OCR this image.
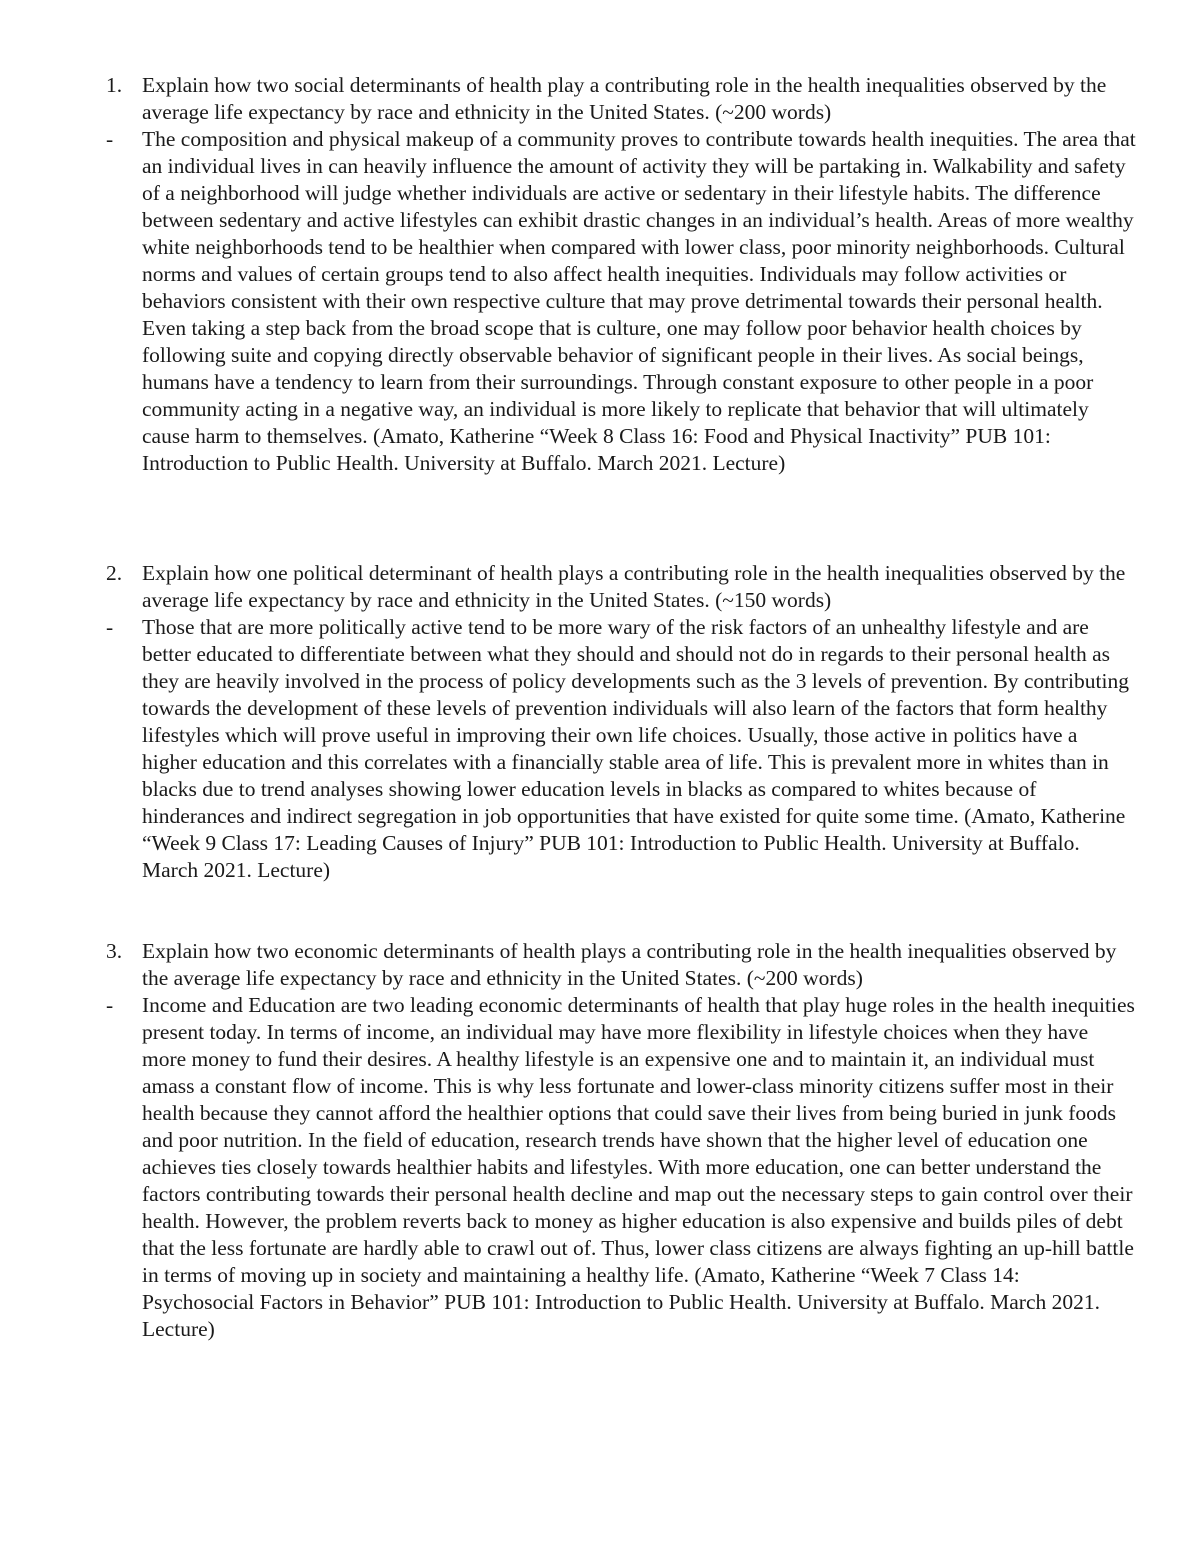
1. Explain how two social determinants of health play a contributing role in the health inequalities observed by the average life expectancy by race and ethnicity in the United States. (~200 words)
- The composition and physical makeup of a community proves to contribute towards health inequities. The area that an individual lives in can heavily influence the amount of activity they will be partaking in. Walkability and safety of a neighborhood will judge whether individuals are active or sedentary in their lifestyle habits. The difference between sedentary and active lifestyles can exhibit drastic changes in an individual’s health. Areas of more wealthy white neighborhoods tend to be healthier when compared with lower class, poor minority neighborhoods. Cultural norms and values of certain groups tend to also affect health inequities. Individuals may follow activities or behaviors consistent with their own respective culture that may prove detrimental towards their personal health. Even taking a step back from the broad scope that is culture, one may follow poor behavior health choices by following suite and copying directly observable behavior of significant people in their lives. As social beings, humans have a tendency to learn from their surroundings. Through constant exposure to other people in a poor community acting in a negative way, an individual is more likely to replicate that behavior that will ultimately cause harm to themselves. (Amato, Katherine “Week 8 Class 16: Food and Physical Inactivity” PUB 101: Introduction to Public Health. University at Buffalo. March 2021. Lecture)
2. Explain how one political determinant of health plays a contributing role in the health inequalities observed by the average life expectancy by race and ethnicity in the United States. (~150 words)
- Those that are more politically active tend to be more wary of the risk factors of an unhealthy lifestyle and are better educated to differentiate between what they should and should not do in regards to their personal health as they are heavily involved in the process of policy developments such as the 3 levels of prevention. By contributing towards the development of these levels of prevention individuals will also learn of the factors that form healthy lifestyles which will prove useful in improving their own life choices. Usually, those active in politics have a higher education and this correlates with a financially stable area of life. This is prevalent more in whites than in blacks due to trend analyses showing lower education levels in blacks as compared to whites because of hinderances and indirect segregation in job opportunities that have existed for quite some time. (Amato, Katherine “Week 9 Class 17: Leading Causes of Injury” PUB 101: Introduction to Public Health. University at Buffalo. March 2021. Lecture)
3. Explain how two economic determinants of health plays a contributing role in the health inequalities observed by the average life expectancy by race and ethnicity in the United States. (~200 words)
- Income and Education are two leading economic determinants of health that play huge roles in the health inequities present today. In terms of income, an individual may have more flexibility in lifestyle choices when they have more money to fund their desires. A healthy lifestyle is an expensive one and to maintain it, an individual must amass a constant flow of income. This is why less fortunate and lower-class minority citizens suffer most in their health because they cannot afford the healthier options that could save their lives from being buried in junk foods and poor nutrition. In the field of education, research trends have shown that the higher level of education one achieves ties closely towards healthier habits and lifestyles. With more education, one can better understand the factors contributing towards their personal health decline and map out the necessary steps to gain control over their health. However, the problem reverts back to money as higher education is also expensive and builds piles of debt that the less fortunate are hardly able to crawl out of. Thus, lower class citizens are always fighting an up-hill battle in terms of moving up in society and maintaining a healthy life. (Amato, Katherine “Week 7 Class 14: Psychosocial Factors in Behavior” PUB 101: Introduction to Public Health. University at Buffalo. March 2021. Lecture)
